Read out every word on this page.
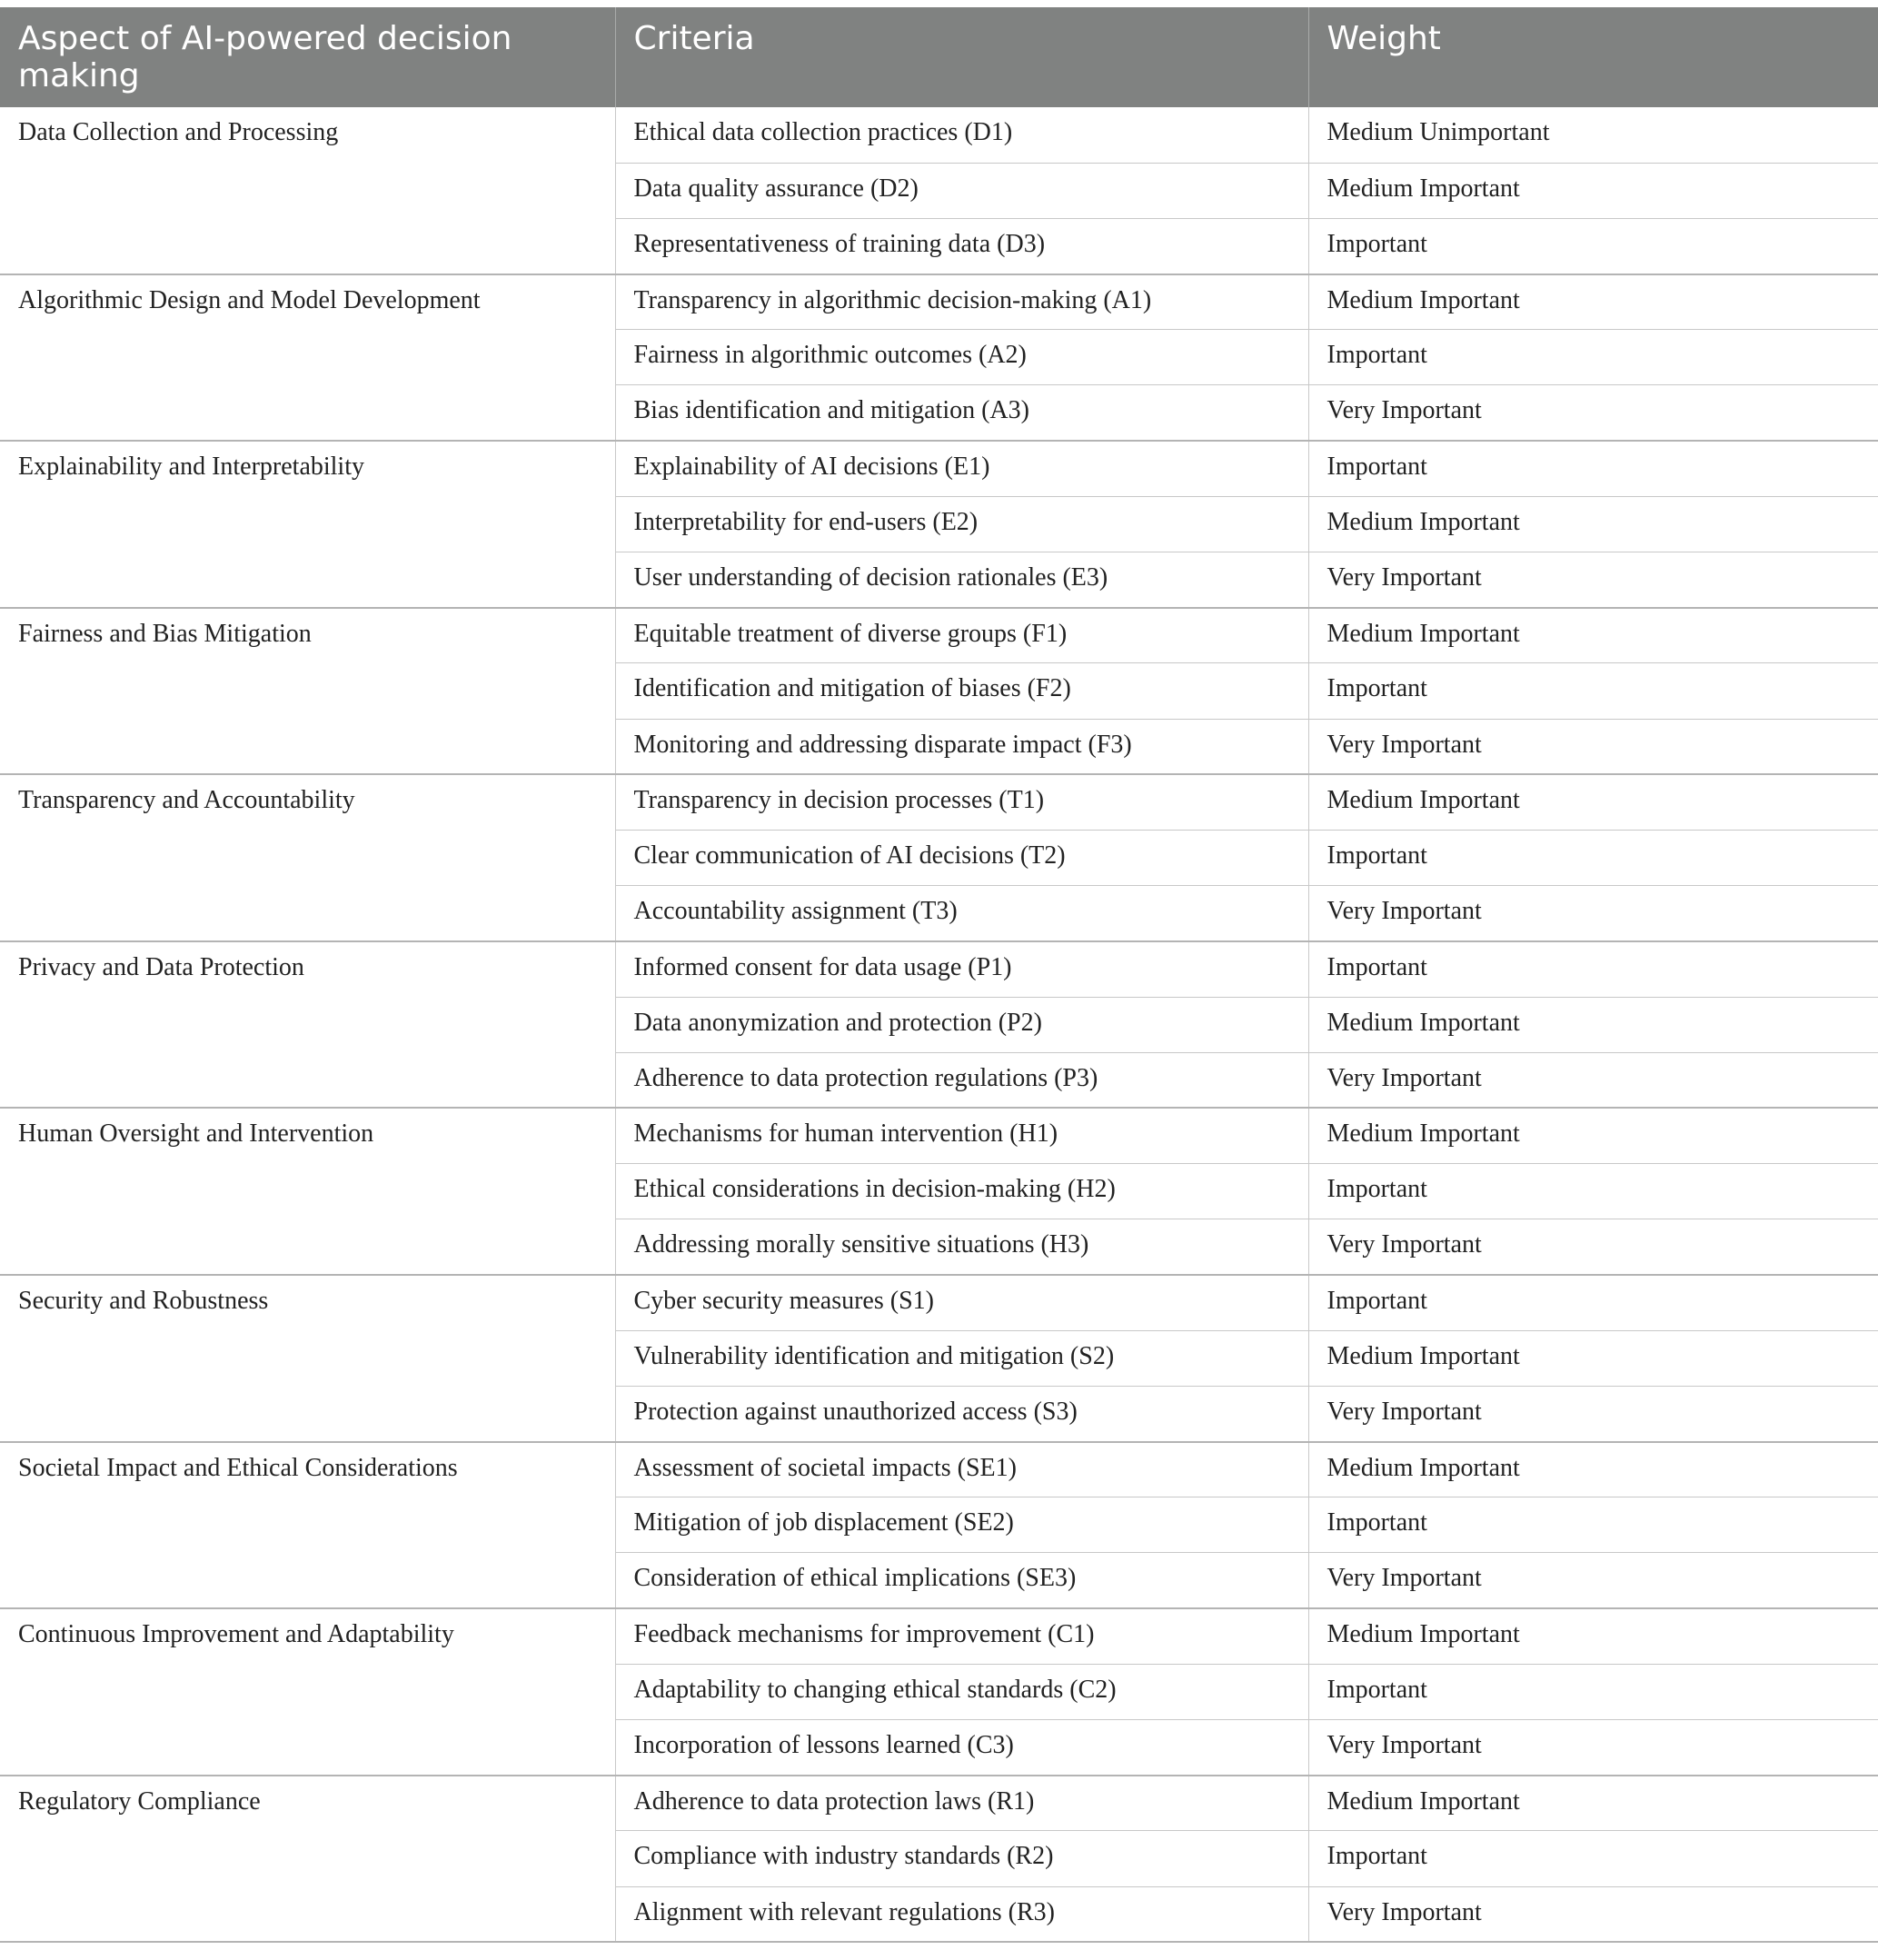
Aspect of AI-powered decision making	Criteria	Weight
Data Collection and Processing	Ethical data collection practices (D1)	Medium Unimportant
	Data quality assurance (D2)	Medium Important
	Representativeness of training data (D3)	Important
Algorithmic Design and Model Development	Transparency in algorithmic decision-making (A1)	Medium Important
	Fairness in algorithmic outcomes (A2)	Important
	Bias identification and mitigation (A3)	Very Important
Explainability and Interpretability	Explainability of AI decisions (E1)	Important
	Interpretability for end-users (E2)	Medium Important
	User understanding of decision rationales (E3)	Very Important
Fairness and Bias Mitigation	Equitable treatment of diverse groups (F1)	Medium Important
	Identification and mitigation of biases (F2)	Important
	Monitoring and addressing disparate impact (F3)	Very Important
Transparency and Accountability	Transparency in decision processes (T1)	Medium Important
	Clear communication of AI decisions (T2)	Important
	Accountability assignment (T3)	Very Important
Privacy and Data Protection	Informed consent for data usage (P1)	Important
	Data anonymization and protection (P2)	Medium Important
	Adherence to data protection regulations (P3)	Very Important
Human Oversight and Intervention	Mechanisms for human intervention (H1)	Medium Important
	Ethical considerations in decision-making (H2)	Important
	Addressing morally sensitive situations (H3)	Very Important
Security and Robustness	Cyber security measures (S1)	Important
	Vulnerability identification and mitigation (S2)	Medium Important
	Protection against unauthorized access (S3)	Very Important
Societal Impact and Ethical Considerations	Assessment of societal impacts (SE1)	Medium Important
	Mitigation of job displacement (SE2)	Important
	Consideration of ethical implications (SE3)	Very Important
Continuous Improvement and Adaptability	Feedback mechanisms for improvement (C1)	Medium Important
	Adaptability to changing ethical standards (C2)	Important
	Incorporation of lessons learned (C3)	Very Important
Regulatory Compliance	Adherence to data protection laws (R1)	Medium Important
	Compliance with industry standards (R2)	Important
	Alignment with relevant regulations (R3)	Very Important
